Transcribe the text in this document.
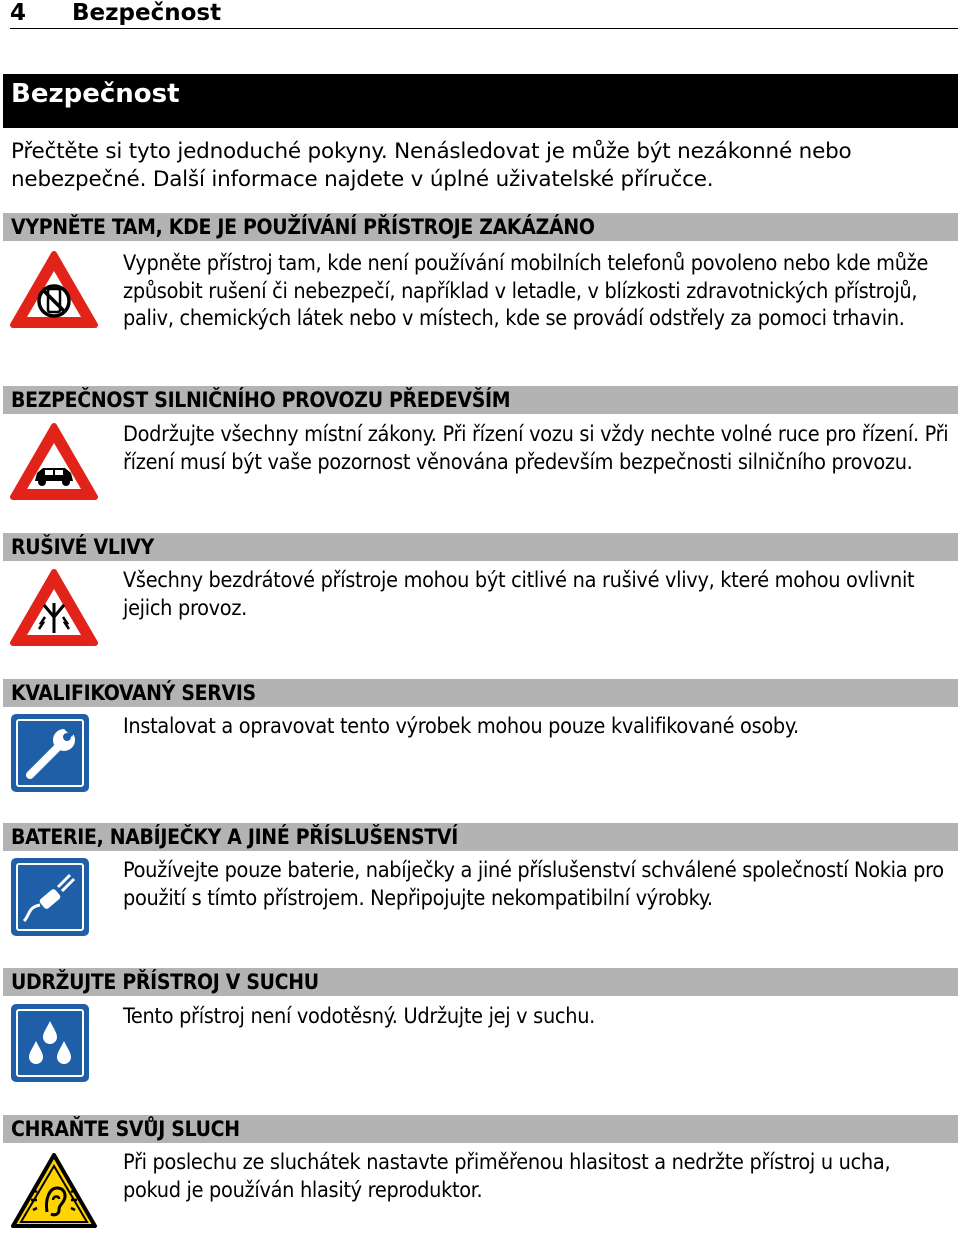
4 Bezpečnost
Bezpečnost
Přečtěte si tyto jednoduché pokyny. Nenásledovat je může být nezákonné nebo nebezpečné. Další informace najdete v úplné uživatelské příručce.
VYPNĚTE TAM, KDE JE POUŽÍVÁNÍ PŘÍSTROJE ZAKÁZÁNO
Vypněte přístroj tam, kde není používání mobilních telefonů povoleno nebo kde může způsobit rušení či nebezpečí, například v letadle, v blízkosti zdravotnických přístrojů, paliv, chemických látek nebo v místech, kde se provádí odstřely za pomoci trhavin.
BEZPEČNOST SILNIČNÍHO PROVOZU PŘEDEVŠÍM
Dodržujte všechny místní zákony. Při řízení vozu si vždy nechte volné ruce pro řízení. Při řízení musí být vaše pozornost věnována především bezpečnosti silničního provozu.
RUŠIVÉ VLIVY
Všechny bezdrátové přístroje mohou být citlivé na rušivé vlivy, které mohou ovlivnit jejich provoz.
KVALIFIKOVANÝ SERVIS
Instalovat a opravovat tento výrobek mohou pouze kvalifikované osoby.
BATERIE, NABÍJEČKY A JINÉ PŘÍSLUŠENSTVÍ
Používejte pouze baterie, nabíječky a jiné příslušenství schválené společností Nokia pro použití s tímto přístrojem. Nepřipojujte nekompatibilní výrobky.
UDRŽUJTE PŘÍSTROJ V SUCHU
Tento přístroj není vodotěsný. Udržujte jej v suchu.
CHRAŇTE SVŮJ SLUCH
Při poslechu ze sluchátek nastavte přiměřenou hlasitost a nedržte přístroj u ucha, pokud je používán hlasitý reproduktor.
